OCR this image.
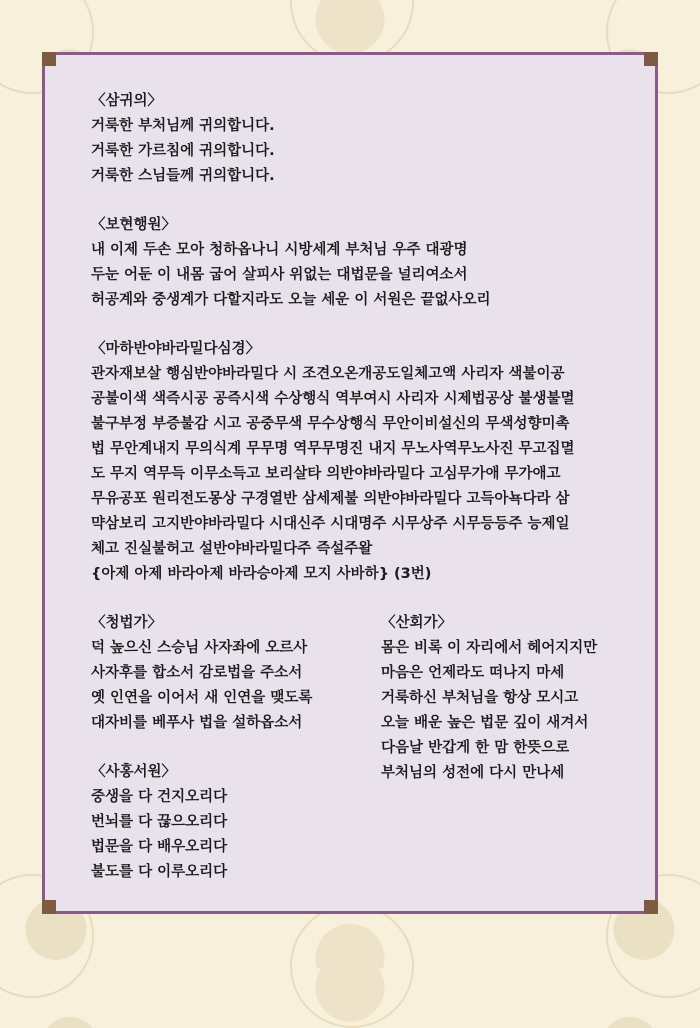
〈삼귀의〉
거룩한 부처님께 귀의합니다.
거룩한 가르침에 귀의합니다.
거룩한 스님들께 귀의합니다.
〈보현행원〉
내 이제 두손 모아 청하옵나니 시방세계 부처님 우주 대광명
두눈 어둔 이 내몸 굽어 살피사 위없는 대법문을 널리여소서
허공계와 중생계가 다할지라도 오늘 세운 이 서원은 끝없사오리
〈마하반야바라밀다심경〉
관자재보살 행심반야바라밀다 시 조견오온개공도일체고액 사리자 색불이공
공불이색 색즉시공 공즉시색 수상행식 역부여시 사리자 시제법공상 불생불멸
불구부정 부증불감 시고 공중무색 무수상행식 무안이비설신의 무색성향미촉
법 무안계내지 무의식계 무무명 역무무명진 내지 무노사역무노사진 무고집멸
도 무지 역무득 이무소득고 보리살타 의반야바라밀다 고심무가애 무가애고
무유공포 원리전도몽상 구경열반 삼세제불 의반야바라밀다 고득아뇩다라 삼
먁삼보리 고지반야바라밀다 시대신주 시대명주 시무상주 시무등등주 능제일
체고 진실불허고 설반야바라밀다주 즉설주왈
{아제 아제 바라아제 바라승아제 모지 사바하} (3번)
〈청법가〉
덕 높으신 스승님 사자좌에 오르사
사자후를 합소서 감로법을 주소서
옛 인연을 이어서 새 인연을 맺도록
대자비를 베푸사 법을 설하옵소서
〈사홍서원〉
중생을 다 건지오리다
번뇌를 다 끊으오리다
법문을 다 배우오리다
불도를 다 이루오리다
〈산회가〉
몸은 비록 이 자리에서 헤어지지만
마음은 언제라도 떠나지 마세
거룩하신 부처님을 항상 모시고
오늘 배운 높은 법문 깊이 새겨서
다음날 반갑게 한 맘 한뜻으로
부처님의 성전에 다시 만나세
